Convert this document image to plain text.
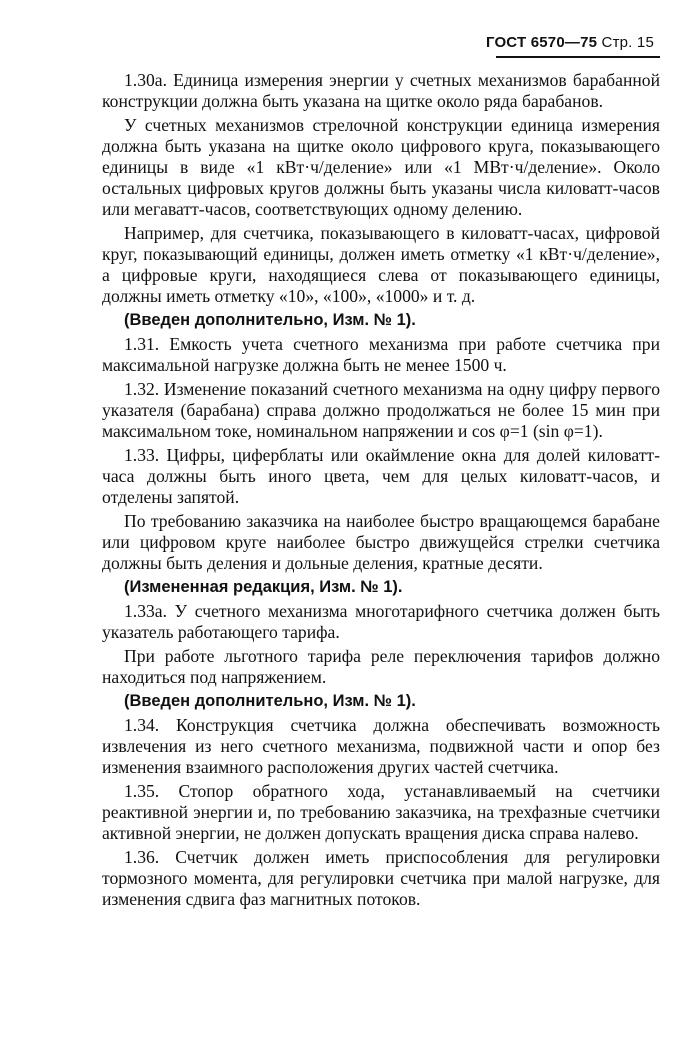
ГОСТ 6570—75 Стр. 15

1.30а. Единица измерения энергии у счетных механизмов барабанной конструкции должна быть указана на щитке около ряда барабанов.

У счетных механизмов стрелочной конструкции единица измерения должна быть указана на щитке около цифрового круга, показывающего единицы в виде «1 кВт·ч/деление» или «1 МВт·ч/деление». Около остальных цифровых кругов должны быть указаны числа киловатт-часов или мегаватт-часов, соответствующих одному делению.

Например, для счетчика, показывающего в киловатт-часах, цифровой круг, показывающий единицы, должен иметь отметку «1 кВт·ч/деление», а цифровые круги, находящиеся слева от показывающего единицы, должны иметь отметку «10», «100», «1000» и т. д.

(Введен дополнительно, Изм. № 1).

1.31. Емкость учета счетного механизма при работе счетчика при максимальной нагрузке должна быть не менее 1500 ч.

1.32. Изменение показаний счетного механизма на одну цифру первого указателя (барабана) справа должно продолжаться не более 15 мин при максимальном токе, номинальном напряжении и cos φ=1 (sin φ=1).

1.33. Цифры, циферблаты или окаймление окна для долей киловатт-часа должны быть иного цвета, чем для целых киловатт-часов, и отделены запятой.

По требованию заказчика на наиболее быстро вращающемся барабане или цифровом круге наиболее быстро движущейся стрелки счетчика должны быть деления и дольные деления, кратные десяти.

(Измененная редакция, Изм. № 1).

1.33а. У счетного механизма многотарифного счетчика должен быть указатель работающего тарифа.

При работе льготного тарифа реле переключения тарифов должно находиться под напряжением.

(Введен дополнительно, Изм. № 1).

1.34. Конструкция счетчика должна обеспечивать возможность извлечения из него счетного механизма, подвижной части и опор без изменения взаимного расположения других частей счетчика.

1.35. Стопор обратного хода, устанавливаемый на счетчики реактивной энергии и, по требованию заказчика, на трехфазные счетчики активной энергии, не должен допускать вращения диска справа налево.

1.36. Счетчик должен иметь приспособления для регулировки тормозного момента, для регулировки счетчика при малой нагрузке, для изменения сдвига фаз магнитных потоков.
